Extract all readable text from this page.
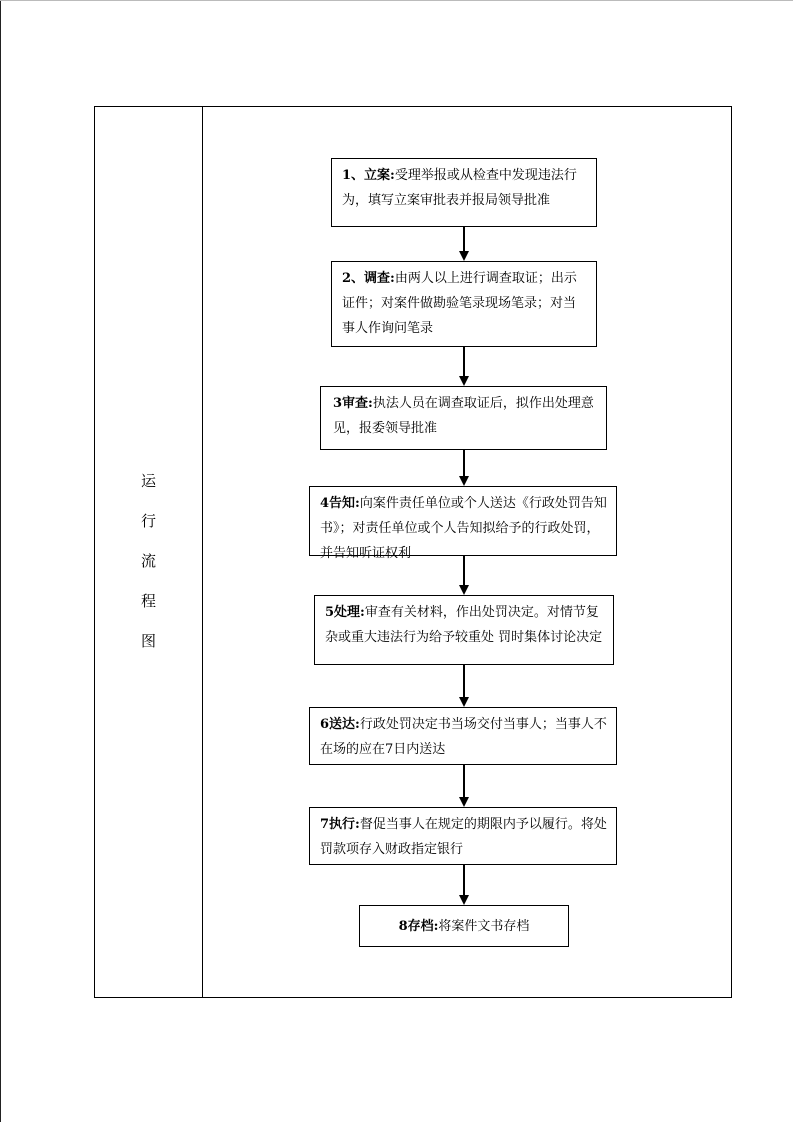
运
行
流
程
图
1、立案:受理举报或从检查中发现违法行为，填写立案审批表并报局领导批准
2、调查:由两人以上进行调查取证；出示证件；对案件做勘验笔录现场笔录；对当事人作询问笔录
3审查:执法人员在调查取证后，拟作出处理意见，报委领导批准
4告知:向案件责任单位或个人送达《行政处罚告知书》；对责任单位或个人告知拟给予的行政处罚，并告知听证权利
5处理:审查有关材料，作出处罚决定。对情节复杂或重大违法行为给予较重处 罚时集体讨论决定
6送达:行政处罚决定书当场交付当事人；当事人不在场的应在7日内送达
7执行:督促当事人在规定的期限内予以履行。将处罚款项存入财政指定银行
8存档:将案件文书存档
